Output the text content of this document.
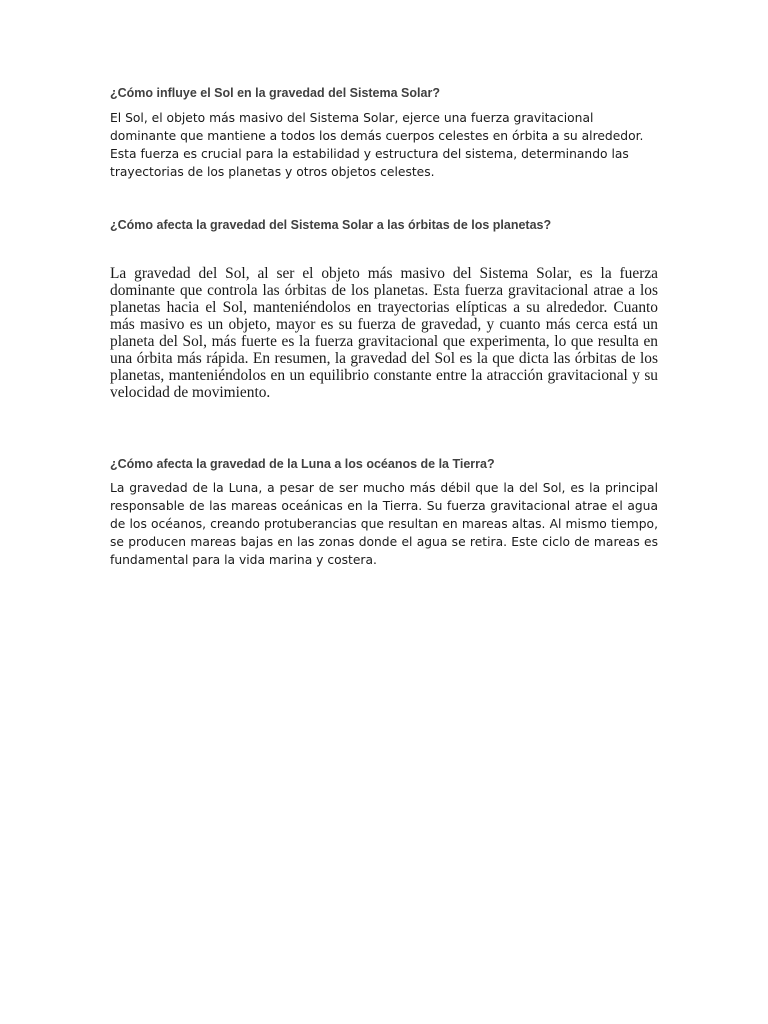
¿Cómo influye el Sol en la gravedad del Sistema Solar?

El Sol, el objeto más masivo del Sistema Solar, ejerce una fuerza gravitacional dominante que mantiene a todos los demás cuerpos celestes en órbita a su alrededor. Esta fuerza es crucial para la estabilidad y estructura del sistema, determinando las trayectorias de los planetas y otros objetos celestes.

¿Cómo afecta la gravedad del Sistema Solar a las órbitas de los planetas?

La gravedad del Sol, al ser el objeto más masivo del Sistema Solar, es la fuerza dominante que controla las órbitas de los planetas. Esta fuerza gravitacional atrae a los planetas hacia el Sol, manteniéndolos en trayectorias elípticas a su alrededor. Cuanto más masivo es un objeto, mayor es su fuerza de gravedad, y cuanto más cerca está un planeta del Sol, más fuerte es la fuerza gravitacional que experimenta, lo que resulta en una órbita más rápida. En resumen, la gravedad del Sol es la que dicta las órbitas de los planetas, manteniéndolos en un equilibrio constante entre la atracción gravitacional y su velocidad de movimiento.

¿Cómo afecta la gravedad de la Luna a los océanos de la Tierra?

La gravedad de la Luna, a pesar de ser mucho más débil que la del Sol, es la principal responsable de las mareas oceánicas en la Tierra. Su fuerza gravitacional atrae el agua de los océanos, creando protuberancias que resultan en mareas altas. Al mismo tiempo, se producen mareas bajas en las zonas donde el agua se retira. Este ciclo de mareas es fundamental para la vida marina y costera.
